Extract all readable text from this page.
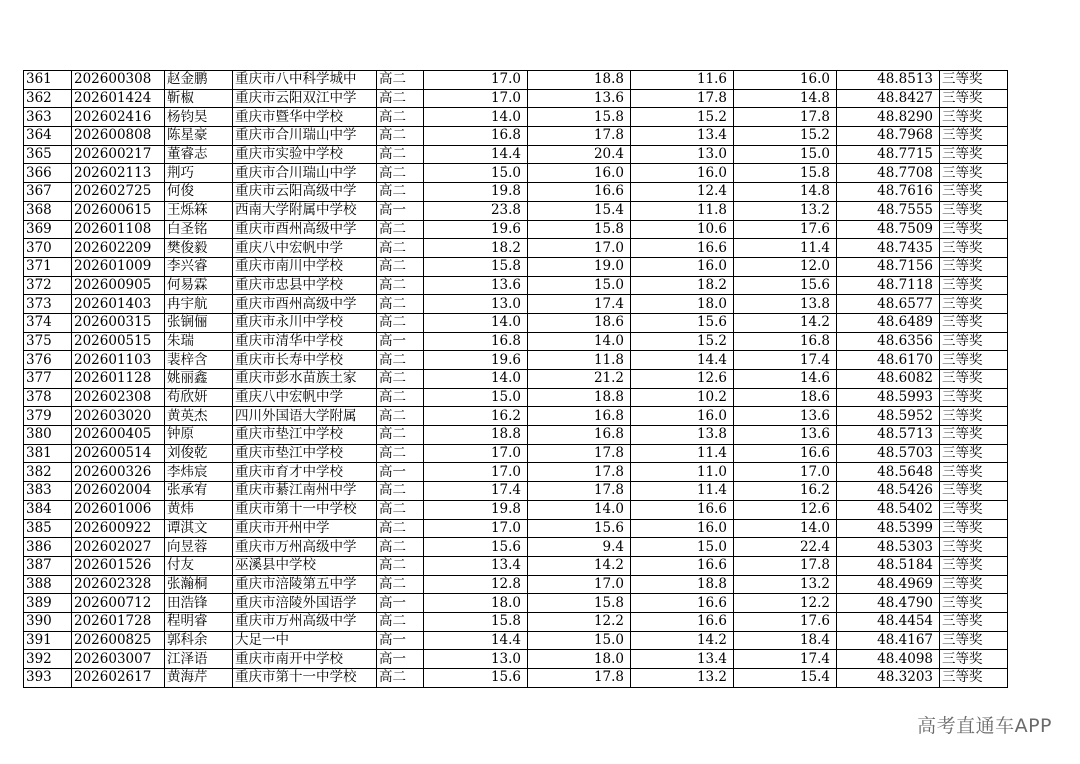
361	202600308	赵金鹏	重庆市八中科学城中	高二	17.0	18.8	11.6	16.0	48.8513	三等奖
362	202601424	靳椒	重庆市云阳双江中学	高二	17.0	13.6	17.8	14.8	48.8427	三等奖
363	202602416	杨钧昊	重庆市暨华中学校	高二	14.0	15.8	15.2	17.8	48.8290	三等奖
364	202600808	陈星豪	重庆市合川瑞山中学	高二	16.8	17.8	13.4	15.2	48.7968	三等奖
365	202600217	董睿志	重庆市实验中学校	高二	14.4	20.4	13.0	15.0	48.7715	三等奖
366	202602113	荆巧	重庆市合川瑞山中学	高二	15.0	16.0	16.0	15.8	48.7708	三等奖
367	202602725	何俊	重庆市云阳高级中学	高二	19.8	16.6	12.4	14.8	48.7616	三等奖
368	202600615	王烁箖	西南大学附属中学校	高一	23.8	15.4	11.8	13.2	48.7555	三等奖
369	202601108	白圣铭	重庆市酉州高级中学	高二	19.6	15.8	10.6	17.6	48.7509	三等奖
370	202602209	樊俊毅	重庆八中宏帆中学	高二	18.2	17.0	16.6	11.4	48.7435	三等奖
371	202601009	李兴睿	重庆市南川中学校	高二	15.8	19.0	16.0	12.0	48.7156	三等奖
372	202600905	何易霖	重庆市忠县中学校	高二	13.6	15.0	18.2	15.6	48.7118	三等奖
373	202601403	冉宇航	重庆市酉州高级中学	高二	13.0	17.4	18.0	13.8	48.6577	三等奖
374	202600315	张锎俪	重庆市永川中学校	高二	14.0	18.6	15.6	14.2	48.6489	三等奖
375	202600515	朱瑞	重庆市清华中学校	高一	16.8	14.0	15.2	16.8	48.6356	三等奖
376	202601103	裴梓含	重庆市长寿中学校	高二	19.6	11.8	14.4	17.4	48.6170	三等奖
377	202601128	姚丽鑫	重庆市彭水苗族土家	高二	14.0	21.2	12.6	14.6	48.6082	三等奖
378	202602308	苟欣妍	重庆八中宏帆中学	高二	15.0	18.8	10.2	18.6	48.5993	三等奖
379	202603020	黄英杰	四川外国语大学附属	高二	16.2	16.8	16.0	13.6	48.5952	三等奖
380	202600405	钟原	重庆市垫江中学校	高二	18.8	16.8	13.8	13.6	48.5713	三等奖
381	202600514	刘俊乾	重庆市垫江中学校	高二	17.0	17.8	11.4	16.6	48.5703	三等奖
382	202600326	李炜宸	重庆市育才中学校	高一	17.0	17.8	11.0	17.0	48.5648	三等奖
383	202602004	张承宥	重庆市綦江南州中学	高二	17.4	17.8	11.4	16.2	48.5426	三等奖
384	202601006	黄炜	重庆市第十一中学校	高二	19.8	14.0	16.6	12.6	48.5402	三等奖
385	202600922	谭淇文	重庆市开州中学	高二	17.0	15.6	16.0	14.0	48.5399	三等奖
386	202602027	向昱蓉	重庆市万州高级中学	高二	15.6	9.4	15.0	22.4	48.5303	三等奖
387	202601526	付友	巫溪县中学校	高二	13.4	14.2	16.6	17.8	48.5184	三等奖
388	202602328	张瀚桐	重庆市涪陵第五中学	高二	12.8	17.0	18.8	13.2	48.4969	三等奖
389	202600712	田浩锋	重庆市涪陵外国语学	高一	18.0	15.8	16.6	12.2	48.4790	三等奖
390	202601728	程明睿	重庆市万州高级中学	高二	15.8	12.2	16.6	17.6	48.4454	三等奖
391	202600825	郭科余	大足一中	高一	14.4	15.0	14.2	18.4	48.4167	三等奖
392	202603007	江泽语	重庆市南开中学校	高一	13.0	18.0	13.4	17.4	48.4098	三等奖
393	202602617	黄海芹	重庆市第十一中学校	高二	15.6	17.8	13.2	15.4	48.3203	三等奖
高考直通车APP
